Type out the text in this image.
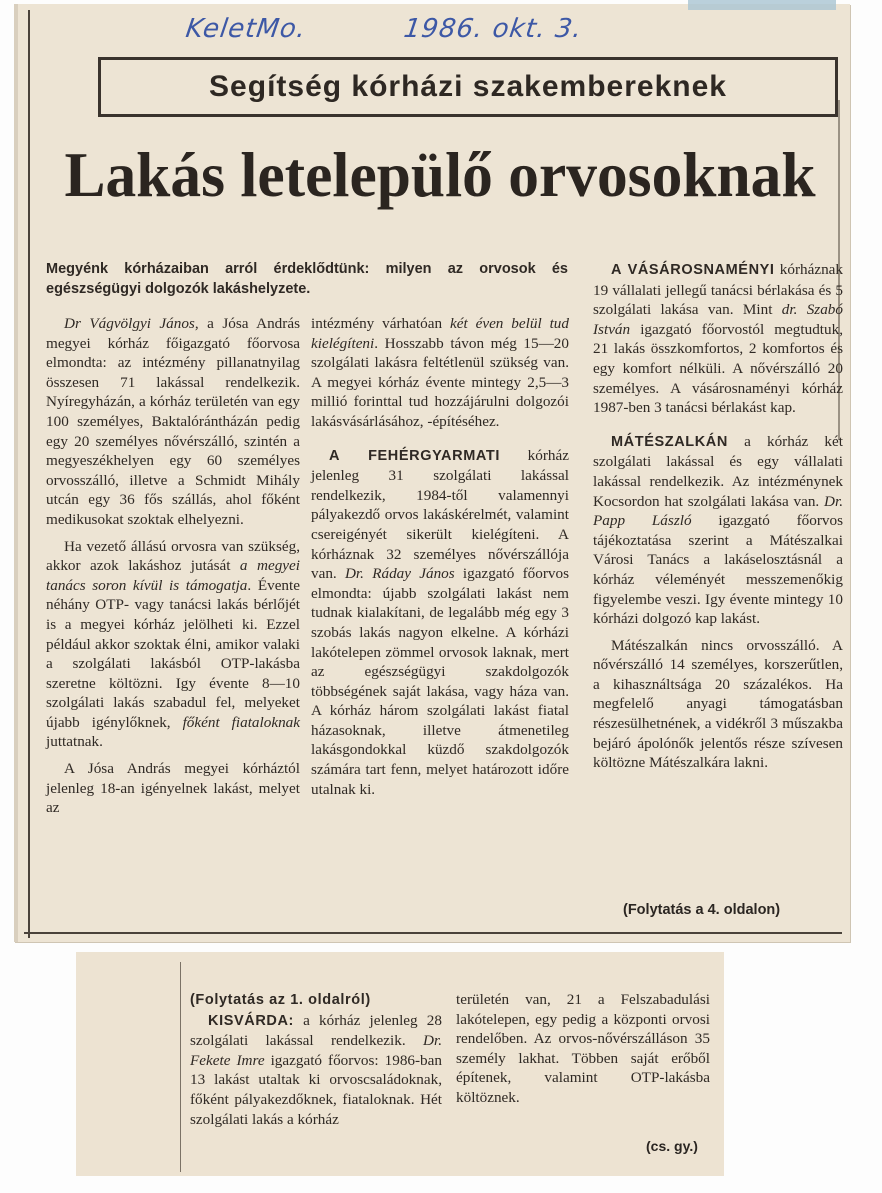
KeletMo.	1986. okt. 3.
Segítség kórházi szakembereknek
Lakás letelepülő orvosoknak
Megyénk kórházaiban arról érdeklődtünk: milyen az orvosok és egészségügyi dolgozók lakáshelyzete.

Dr Vágvölgyi János, a Jósa András megyei kórház főigazgató főorvosa elmondta: az intézmény pillanatnyilag összesen 71 lakással rendelkezik. Nyíregyházán, a kórház területén van egy 100 személyes, Baktalórántházán pedig egy 20 személyes nővérszálló, szintén a megyeszékhelyen egy 60 személyes orvosszálló, illetve a Schmidt Mihály utcán egy 36 fős szállás, ahol főként medikusokat szoktak elhelyezni.

Ha vezető állású orvosra van szükség, akkor azok lakáshoz jutását a megyei tanács soron kívül is támogatja. Évente néhány OTP- vagy tanácsi lakás bérlőjét is a megyei kórház jelölheti ki. Ezzel például akkor szoktak élni, amikor valaki a szolgálati lakásból OTP-lakásba szeretne költözni. Igy évente 8—10 szolgálati lakás szabadul fel, melyeket újabb igénylőknek, főként fiataloknak juttatnak.

A Jósa András megyei kórháztól jelenleg 18-an igényelnek lakást, melyet az

intézmény várhatóan két éven belül tud kielégíteni. Hosszabb távon még 15—20 szolgálati lakásra feltétlenül szükség van. A megyei kórház évente mintegy 2,5—3 millió forinttal tud hozzájárulni dolgozói lakásvásárlásához, -építéséhez.

A FEHÉRGYARMATI kórház jelenleg 31 szolgálati lakással rendelkezik, 1984-től valamennyi pályakezdő orvos lakáskérelmét, valamint csereigényét sikerült kielégíteni. A kórháznak 32 személyes nővérszállója van. Dr. Ráday János igazgató főorvos elmondta: újabb szolgálati lakást nem tudnak kialakítani, de legalább még egy 3 szobás lakás nagyon elkelne. A kórházi lakótelepen zömmel orvosok laknak, mert az egészségügyi szakdolgozók többségének saját lakása, vagy háza van. A kórház három szolgálati lakást fiatal házasoknak, illetve átmenetileg lakásgondokkal küzdő szakdolgozók számára tart fenn, melyet határozott időre utalnak ki.

A VÁSÁROSNAMÉNYI kórháznak 19 vállalati jellegű tanácsi bérlakása és 5 szolgálati lakása van. Mint dr. Szabó István igazgató főorvostól megtudtuk, 21 lakás összkomfortos, 2 komfortos és egy komfort nélküli. A nővérszálló 20 személyes. A vásárosnaményi kórház 1987-ben 3 tanácsi bérlakást kap.

MÁTÉSZALKÁN a kórház két szolgálati lakással és egy vállalati lakással rendelkezik. Az intézménynek Kocsordon hat szolgálati lakása van. Dr. Papp László igazgató főorvos tájékoztatása szerint a Mátészalkai Városi Tanács a lakáselosztásnál a kórház véleményét messzemenőkig figyelembe veszi. Igy évente mintegy 10 kórházi dolgozó kap lakást.

Mátészalkán nincs orvosszálló. A nővérszálló 14 személyes, korszerűtlen, a kihasználtsága 20 százalékos. Ha megfelelő anyagi támogatásban részesülhetnének, a vidékről 3 műszakba bejáró ápolónők jelentős része szívesen költözne Mátészalkára lakni.

(Folytatás a 4. oldalon)

(Folytatás az 1. oldalról)

KISVÁRDA: a kórház jelenleg 28 szolgálati lakással rendelkezik. Dr. Fekete Imre igazgató főorvos: 1986-ban 13 lakást utaltak ki orvoscsaládoknak, főként pályakezdőknek, fiataloknak. Hét szolgálati lakás a kórház

területén van, 21 a Felszabadulási lakótelepen, egy pedig a központi orvosi rendelőben. Az orvos-nővérszálláson 35 személy lakhat. Többen saját erőből építenek, valamint OTP-lakásba költöznek.

(cs. gy.)
